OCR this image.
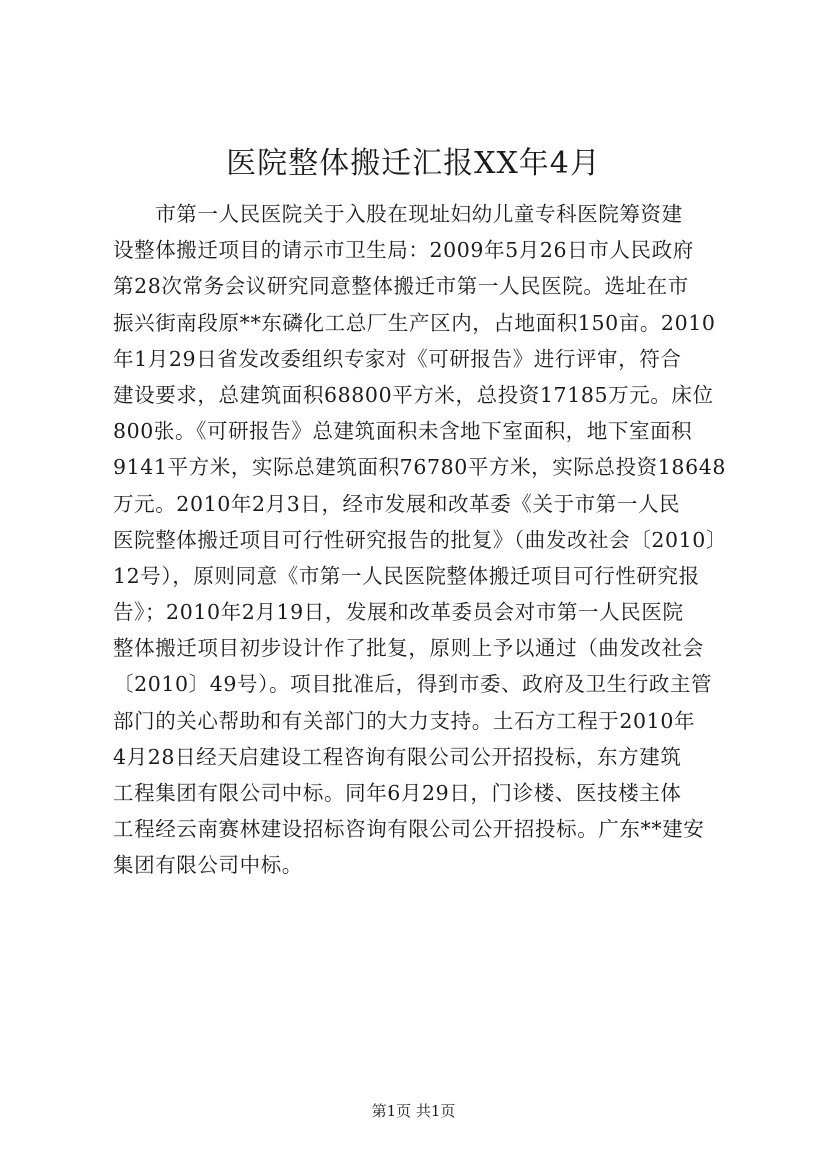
医院整体搬迁汇报XX年4月
　　市第一人民医院关于入股在现址妇幼儿童专科医院筹资建
设整体搬迁项目的请示市卫生局：2009年5月26日市人民政府
第28次常务会议研究同意整体搬迁市第一人民医院。选址在市
振兴街南段原**东磷化工总厂生产区内，占地面积150亩。2010
年1月29日省发改委组织专家对《可研报告》进行评审，符合
建设要求，总建筑面积68800平方米，总投资17185万元。床位
800张。《可研报告》总建筑面积未含地下室面积，地下室面积
9141平方米，实际总建筑面积76780平方米，实际总投资18648
万元。2010年2月3日，经市发展和改革委《关于市第一人民
医院整体搬迁项目可行性研究报告的批复》（曲发改社会〔2010〕
12号），原则同意《市第一人民医院整体搬迁项目可行性研究报
告》；2010年2月19日，发展和改革委员会对市第一人民医院
整体搬迁项目初步设计作了批复，原则上予以通过（曲发改社会
〔2010〕49号）。项目批准后，得到市委、政府及卫生行政主管
部门的关心帮助和有关部门的大力支持。土石方工程于2010年
4月28日经天启建设工程咨询有限公司公开招投标，东方建筑
工程集团有限公司中标。同年6月29日，门诊楼、医技楼主体
工程经云南赛林建设招标咨询有限公司公开招投标。广东**建安
集团有限公司中标。
第1页 共1页
